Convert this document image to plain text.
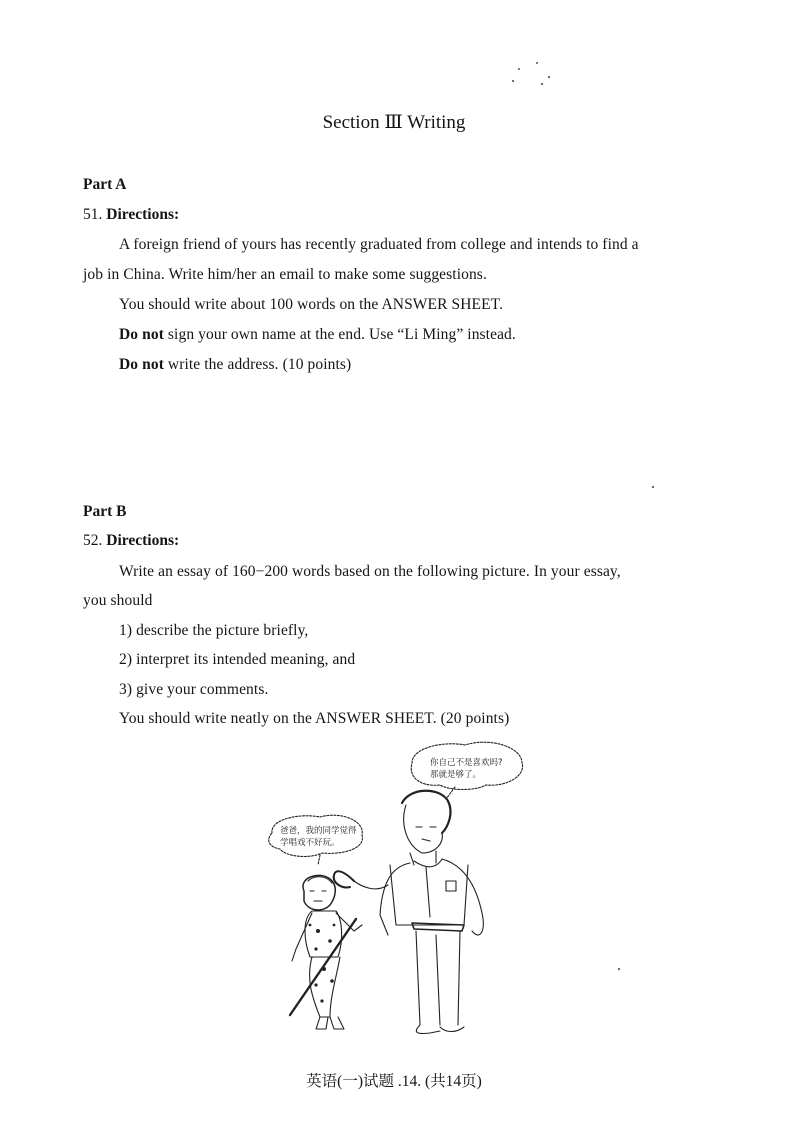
Section Ⅲ Writing
Part A
51. Directions:
A foreign friend of yours has recently graduated from college and intends to find a
job in China. Write him/her an email to make some suggestions.
You should write about 100 words on the ANSWER SHEET.
Do not sign your own name at the end. Use “Li Ming” instead.
Do not write the address. (10 points)
Part B
52. Directions:
Write an essay of 160−200 words based on the following picture. In your essay,
you should
1) describe the picture briefly,
2) interpret its intended meaning, and
3) give your comments.
You should write neatly on the ANSWER SHEET. (20 points)
你自己不是喜欢吗?
那就是够了。
爸爸，我的同学觉得
学唱戏不好玩。
英语(一)试题 .14. (共14页)
